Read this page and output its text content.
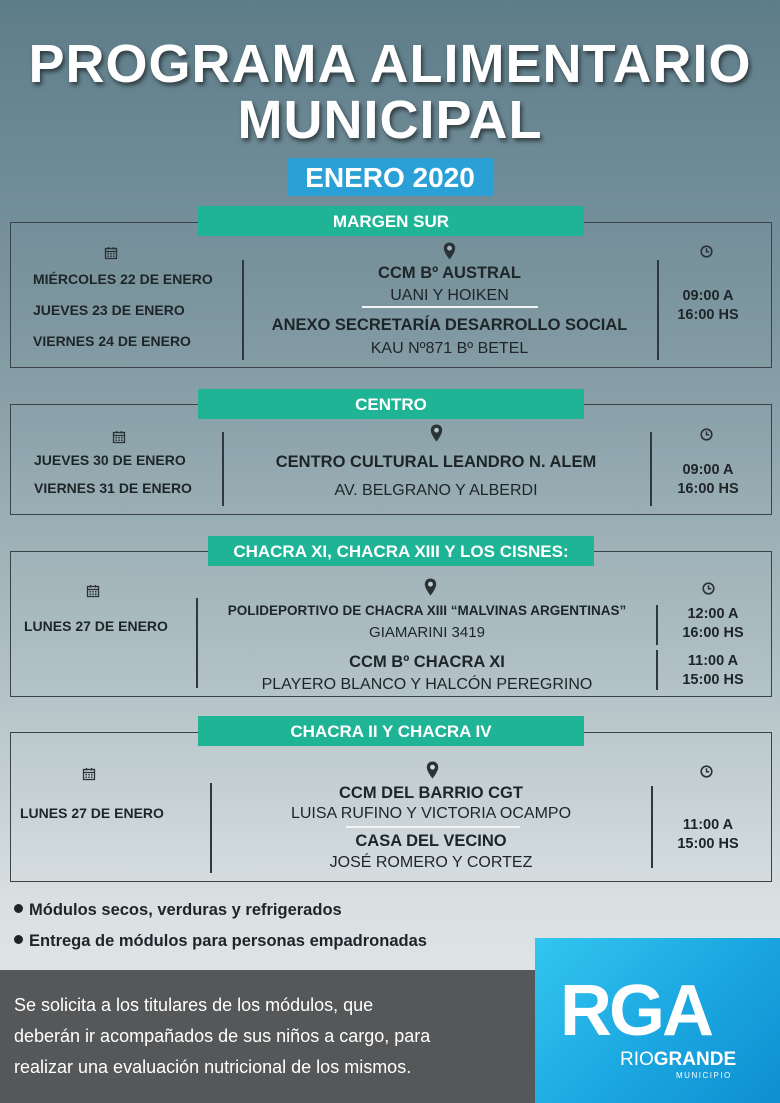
PROGRAMA ALIMENTARIO
MUNICIPAL
ENERO 2020
MARGEN SUR
MIÉRCOLES 22 DE ENERO
JUEVES 23 DE ENERO
VIERNES 24 DE ENERO
CCM Bº AUSTRAL
UANI Y HOIKEN
ANEXO SECRETARÍA DESARROLLO SOCIAL
KAU Nº871 Bº BETEL
09:00 A
16:00 HS
CENTRO
JUEVES 30 DE ENERO
VIERNES 31 DE ENERO
CENTRO CULTURAL LEANDRO N. ALEM
AV. BELGRANO Y ALBERDI
09:00 A
16:00 HS
CHACRA XI, CHACRA XIII Y LOS CISNES:
LUNES 27 DE ENERO
POLIDEPORTIVO DE CHACRA XIII “MALVINAS ARGENTINAS”
GIAMARINI 3419
CCM Bº CHACRA XI
PLAYERO BLANCO Y HALCÓN PEREGRINO
12:00 A
16:00 HS
11:00 A
15:00 HS
CHACRA II Y CHACRA IV
LUNES 27 DE ENERO
CCM DEL BARRIO CGT
LUISA RUFINO Y VICTORIA OCAMPO
CASA DEL VECINO
JOSÉ ROMERO Y CORTEZ
11:00 A
15:00 HS
Módulos secos, verduras y refrigerados
Entrega de módulos para personas empadronadas
Se solicita a los titulares de los módulos, que
deberán ir acompañados de sus niños a cargo, para
realizar una evaluación nutricional de los mismos.
RGA
RIOGRANDE
MUNICIPIO
